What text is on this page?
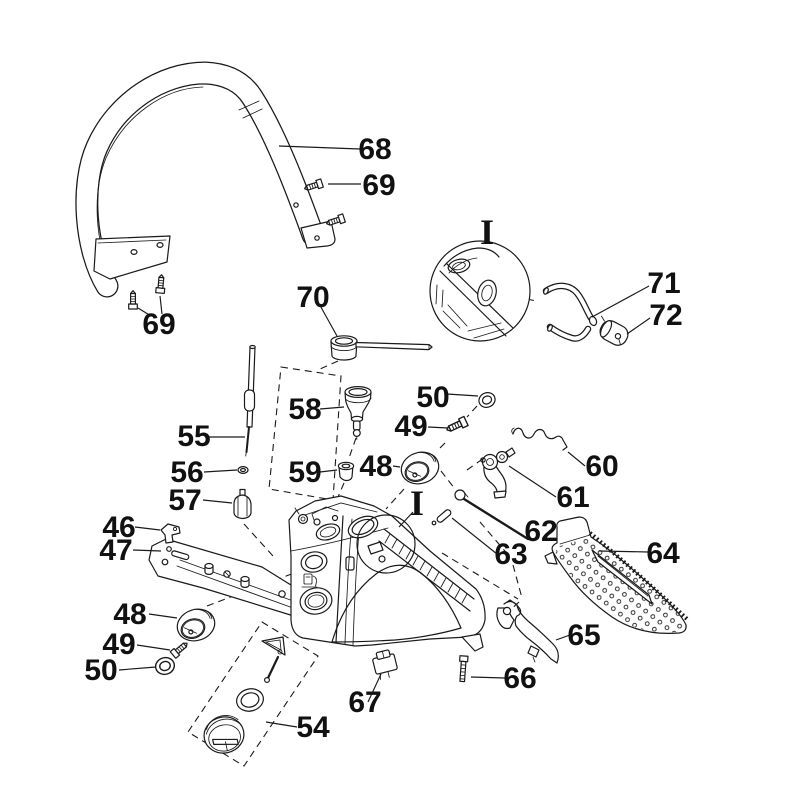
68
69
69
70
I
71
72
55
56
57
58
59
50
49
48	60
61
62
63
I
46
47
48
49
50
54
67
66
65
64
